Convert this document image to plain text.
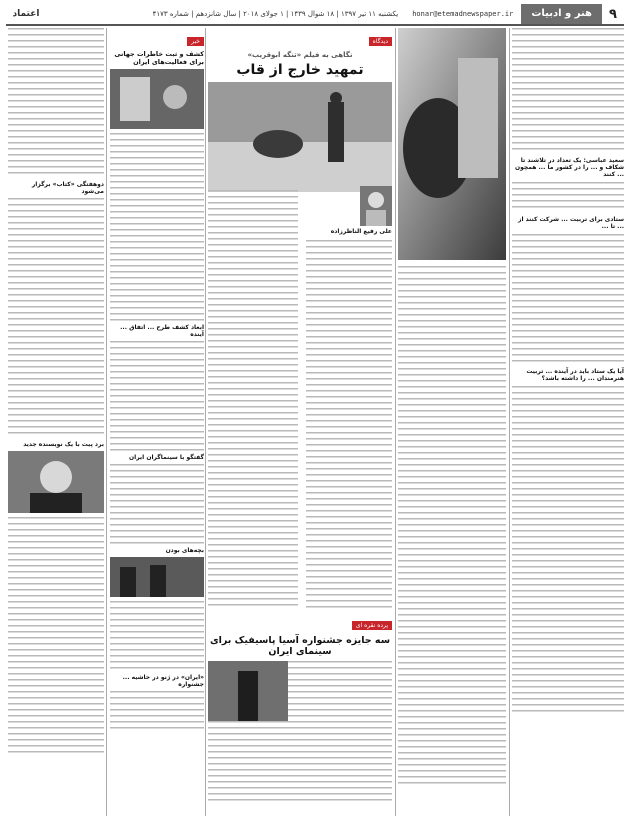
۹
هنر و ادبیات
honar@etemadnewspaper.ir
یکشنبه ۱۱ تیر ۱۳۹۷ | ۱۸ شوال ۱۴۳۹ | ۱ جولای ۲۰۱۸ | سال شانزدهم | شماره ۴۱۷۳
اعتماد
سعید عباسی: یک تعداد در تلاشند تا شکاف و ... را در کشور ما ... همچون ... کنند
ستادی برای تربیت ... شرکت کنند از ... تا ...
آیا یک ستاد باید در آینده ... تربیت هنرمندان ... را داشته باشد؟
دیدگاه
نگاهی به فیلم «تنگه ابوقریب»
تمهید خارج از قاب
علی رفیع الناظرزاده
پرده نقره ای
سه جایزه جشنواره آسیا پاسیفیک برای سینمای ایران
خبر
کشف و ثبت خاطرات جهانی برای فعالیت‌های ایران
ابعاد کشف طرح ... اتفاق ... آینده
گفتگو با سینماگران ایران
بچه‌های بودن
«ایران» در ژنو در حاشیه ... جشنواره
دوهفتگی «کتاب» برگزار می‌شود
برد پیت با یک نویسنده جدید
